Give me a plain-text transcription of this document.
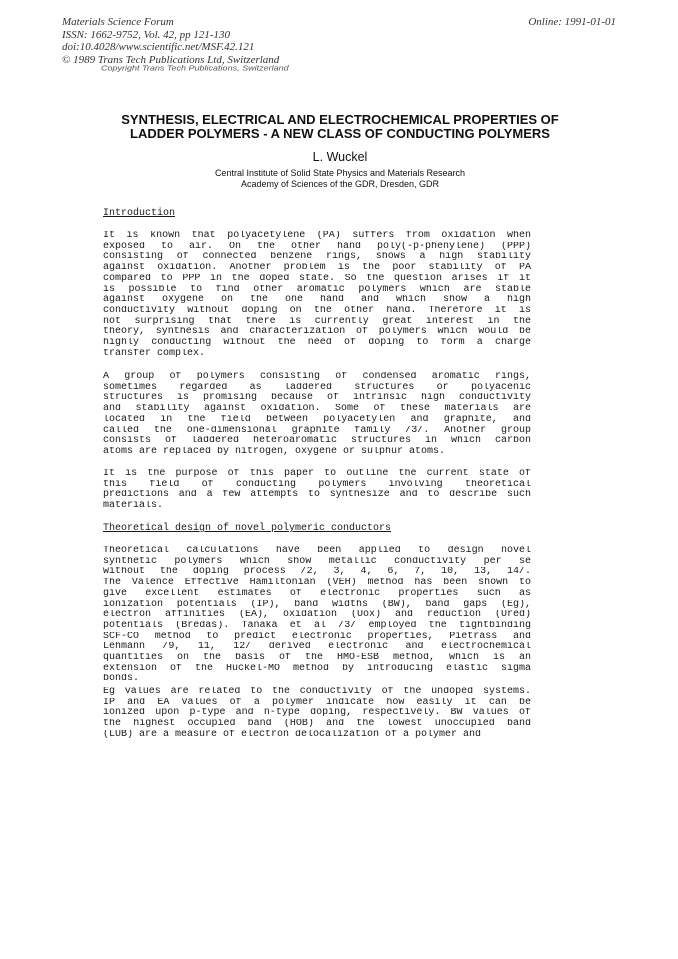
Materials Science Forum
ISSN: 1662-9752, Vol. 42, pp 121-130
doi:10.4028/www.scientific.net/MSF.42.121
© 1989 Trans Tech Publications Ltd, Switzerland
Online: 1991-01-01
Copyright Trans Tech Publications, Switzerland
SYNTHESIS, ELECTRICAL AND ELECTROCHEMICAL PROPERTIES OF
LADDER POLYMERS - A NEW CLASS OF CONDUCTING POLYMERS
L. Wuckel
Central Institute of Solid State Physics and Materials Research
Academy of Sciences of the GDR, Dresden, GDR
Introduction
It is known that polyacetylene (PA) suffers from oxidation when
exposed to air. On the other hand poly(-p-phenylene) (PPP)
consisting of connected benzene rings, shows a high stability
against oxidation. Another problem is the poor stability of PA
compared to PPP in the doped state. So the question arises if it
is possible to find other aromatic polymers which are stable
against oxygene on the one hand and which show a high
conductivity without doping on the other hand. Therefore it is
not surprising that there is currently great interest in the
theory, synthesis and characterization of polymers which would be
highly conducting without the need of doping to form a charge
transfer complex.
A group of polymers consisting of condensed aromatic rings,
sometimes regarded as laddered structures or polyacenic
structures is promising because of intrinsic high conductivity
and stability against oxidation. Some of these materials are
located in the field between polyacetylen and graphite, and
called the one-dimensional graphite family /3/. Another group
consists of laddered heteroaromatic structures in which carbon
atoms are replaced by nitrogen, oxygene or sulphur atoms.
It is the purpose of this paper to outline the current state of
this field of conducting polymers involving theoretical
predictions and a few attempts to synthesize and to describe such
materials.
Theoretical design of novel polymeric conductors
Theoretical calculations have been applied to design novel
synthetic polymers which show metallic conductivity per se
without the doping process /2, 3, 4, 6, 7, 10, 13, 14/.
The Valence Effective Hamiltonian (VEH) method has been shown to
give excellent estimates of electronic properties such as
ionization potentials (IP), band widths (BW), band gaps (Eg),
electron affinities (EA), oxidation (Uox) and reduction (Ured)
potentials (Bredas). Tanaka et al /3/ employed the tightbinding
SCF-CO method to predict electronic properties, Pietrass and
Lehmann /9, 11, 12/ derived electronic and electrochemical
quantities on the basis of the HMO-ESB method, which is an
extension of the Hückel-MO method by introducing elastic sigma
bonds.
Eg values are related to the conductivity of the undoped systems.
IP and EA values of a polymer indicate how easily it can be
ionized upon p-type and n-type doping, respectively. BW values of
the highest occupied band (HOB) and the lowest unoccupied band
(LUB) are a measure of electron delocalization of a polymer and
